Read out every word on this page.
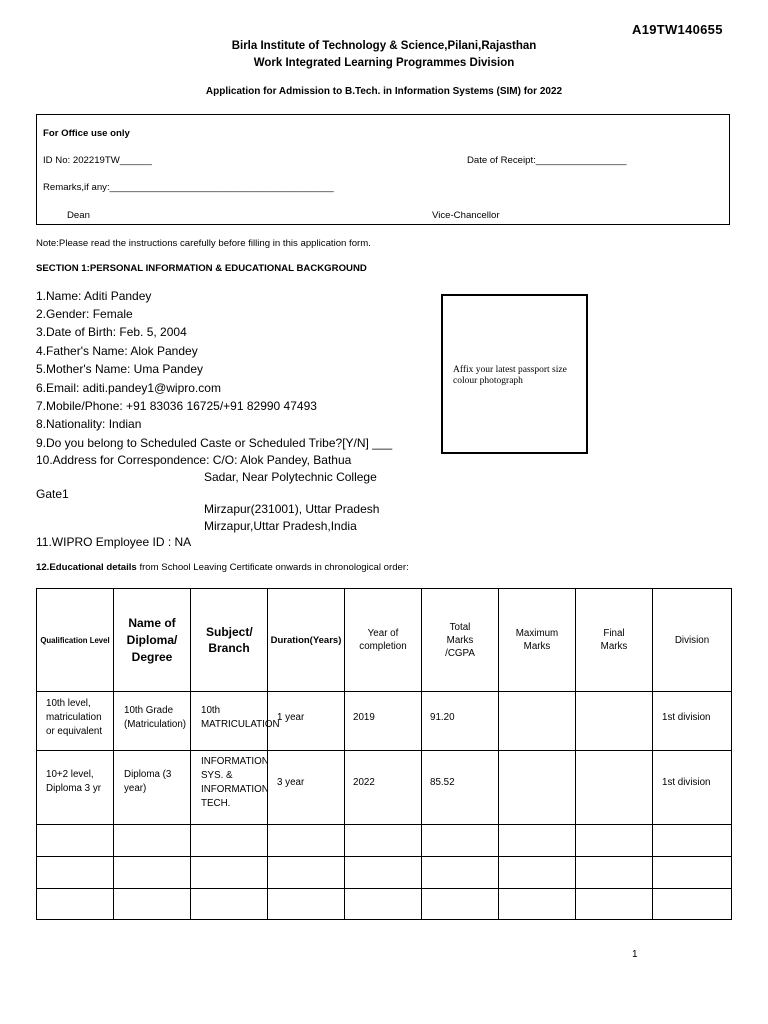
A19TW140655
Birla Institute of Technology & Science,Pilani,Rajasthan
Work Integrated Learning Programmes Division
Application for Admission to B.Tech. in Information Systems (SIM) for 2022
For Office use only
ID No: 202219TW______	Date of Receipt:_________________
Remarks,if any:__________________________________________
Dean	Vice-Chancellor
Note:Please read the instructions carefully before filling in this application form.
SECTION 1:PERSONAL INFORMATION & EDUCATIONAL BACKGROUND
1.Name: Aditi Pandey
2.Gender: Female
3.Date of Birth: Feb. 5, 2004
4.Father's Name: Alok Pandey
5.Mother's Name: Uma Pandey
6.Email: aditi.pandey1@wipro.com
7.Mobile/Phone: +91 83036 16725/+91 82990 47493
8.Nationality: Indian
9.Do you belong to Scheduled Caste or Scheduled Tribe?[Y/N] ___
10.Address for Correspondence: C/O: Alok Pandey, Bathua
Sadar, Near Polytechnic College
Gate1
Mirzapur(231001), Uttar Pradesh
Mirzapur,Uttar Pradesh,India
11.WIPRO Employee ID : NA
Affix your latest passport size
colour photograph
12.Educational details from School Leaving Certificate onwards in chronological order:
Qualification Level	Name of Diploma/ Degree	Subject/ Branch	Duration(Years)	Year of completion	Total Marks /CGPA	Maximum Marks	Final Marks	Division

10th level,
matriculation
or equivalent	10th Grade
(Matriculation)	10th
MATRICULATION	1 year	2019	91.20			1st division

10+2 level,
Diploma 3 yr	Diploma (3
year)	INFORMATION
SYS. &
INFORMATION
TECH.	3 year	2022	85.52			1st division

1
